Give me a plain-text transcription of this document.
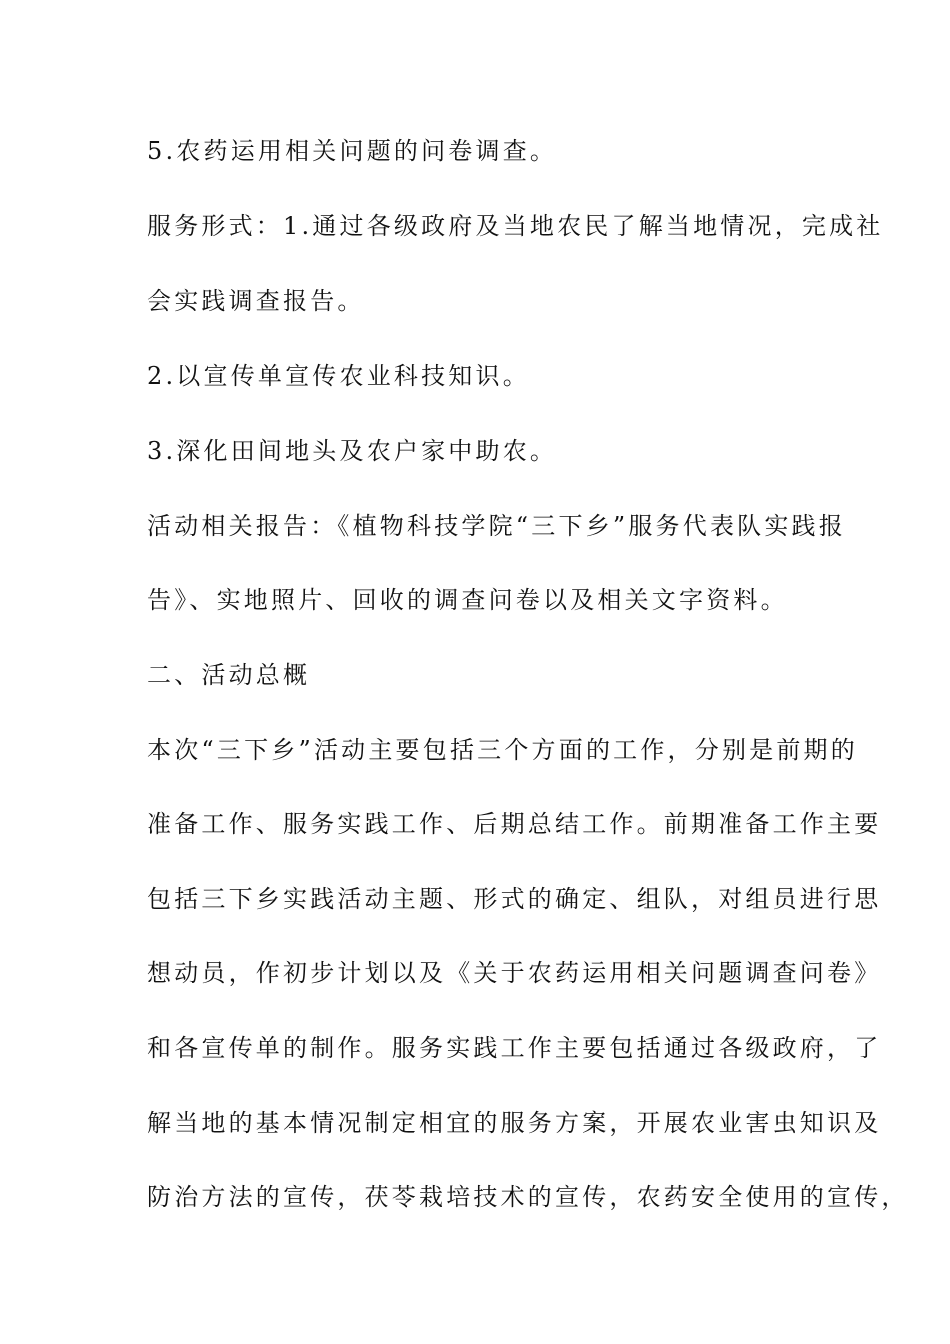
5.农药运用相关问题的问卷调查。
服务形式：1.通过各级政府及当地农民了解当地情况，完成社
会实践调查报告。
2.以宣传单宣传农业科技知识。
3.深化田间地头及农户家中助农。
活动相关报告：《植物科技学院“三下乡”服务代表队实践报
告》、实地照片、回收的调查问卷以及相关文字资料。
二、活动总概
本次“三下乡”活动主要包括三个方面的工作，分别是前期的
准备工作、服务实践工作、后期总结工作。前期准备工作主要
包括三下乡实践活动主题、形式的确定、组队，对组员进行思
想动员，作初步计划以及《关于农药运用相关问题调查问卷》
和各宣传单的制作。服务实践工作主要包括通过各级政府，了
解当地的基本情况制定相宜的服务方案，开展农业害虫知识及
防治方法的宣传，茯苓栽培技术的宣传，农药安全使用的宣传，
